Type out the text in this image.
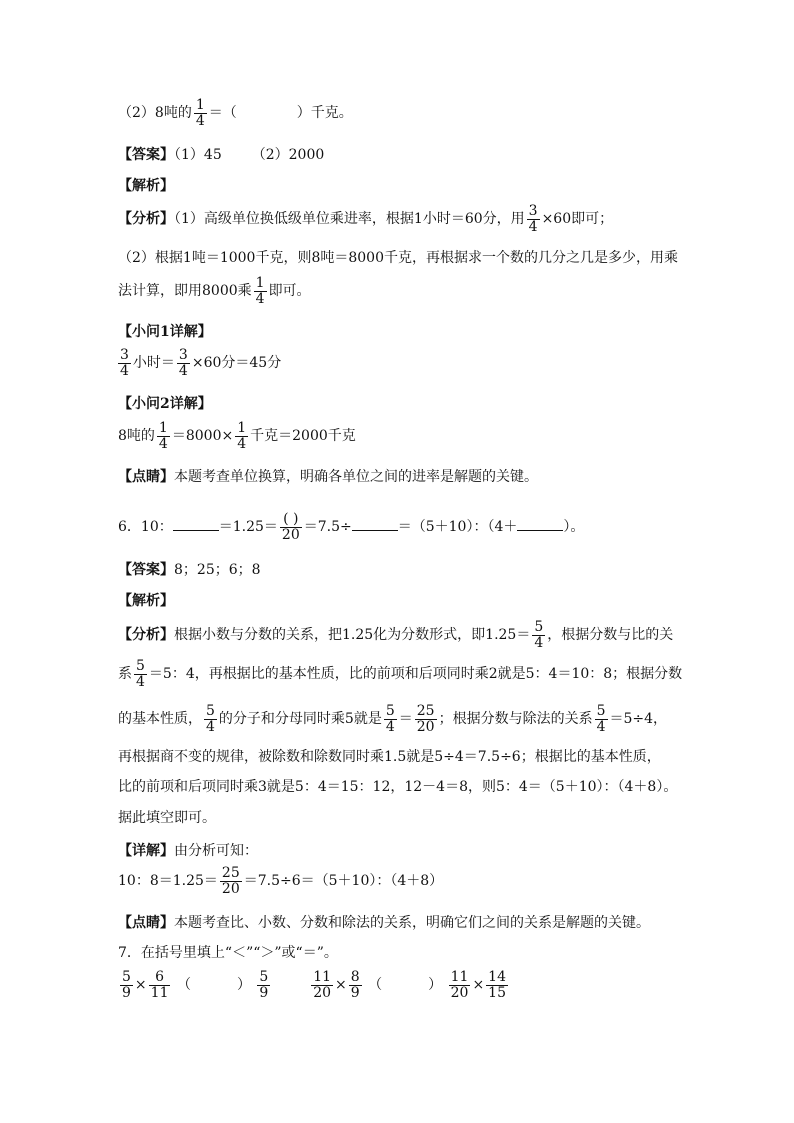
（2）8吨的 $\frac{1}{4}$ ＝（	）千克。
【答案】（1）45 （2）2000
【解析】
【分析】（1）高级单位换低级单位乘进率，根据1小时＝60分，用 $\frac{3}{4} \times 60$即可；
（2）根据1吨＝1000千克，则8吨＝8000千克，再根据求一个数的几分之几是多少，用乘
法计算，即用8000乘 $\frac{1}{4}$ 即可。
【小问1详解】
$\frac{3}{4}$ 小时＝ $\frac{3}{4} \times 60$分＝45分
【小问2详解】
8吨的 $\frac{1}{4} =8000\times \frac{1}{4}$ 千克＝2000千克
【点睛】本题考查单位换算，明确各单位之间的进率是解题的关键。
6．10：	$=1.25= \frac{( )}{20} =7.5\div$	＝（5＋10）：（4＋	）。
【答案】8；25；6；8
【解析】
【分析】根据小数与分数的关系，把1.25化为分数形式，即$1.25= \frac{5}{4}$ ，根据分数与比的关
系 $\frac{5}{4} =5$：4，再根据比的基本性质，比的前项和后项同时乘2就是5：4＝10：8；根据分数
的基本性质， $\frac{5}{4}$ 的分子和分母同时乘5就是 $\frac{5}{4} = \frac{25}{20}$ ；根据分数与除法的关系 $\frac{5}{4} =5\div 4$，
再根据商不变的规律，被除数和除数同时乘1.5就是5÷4＝7.5÷6；根据比的基本性质，
比的前项和后项同时乘3就是5：4＝15：12，12－4＝8，则5：4＝（5＋10）：（4＋8）。
据此填空即可。
【详解】由分析可知：
10：$8=1.25= \frac{25}{20} =7.5\div 6=(5+10)$：（4＋8）
【点睛】本题考查比、小数、分数和除法的关系，明确它们之间的关系是解题的关键。
7．在括号里填上“＜”“＞”或“＝”。
$\frac{5}{9} \times \frac{6}{11}$ （	） $\frac{5}{9}$
	$\frac{11}{20} \times \frac{8}{9}$ （	） $\frac{11}{20} \times \frac{14}{15}$
